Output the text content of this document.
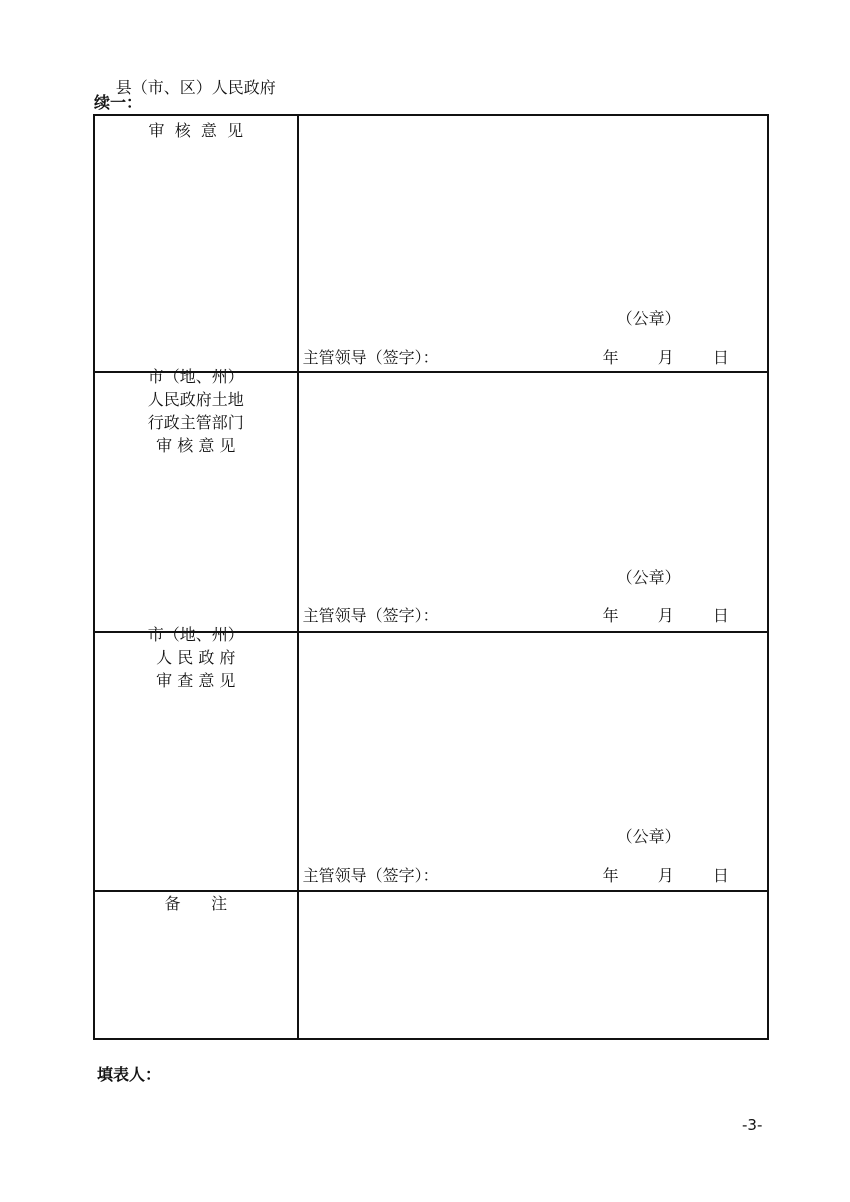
续一：
县（市、区）人民政府
审  核  意  见	（公章）
主管领导（签字）： 年 月 日

市（地、州）
人民政府土地
行政主管部门
审 核 意 见	（公章）
主管领导（签字）： 年 月 日

市（地、州）
人 民 政 府
审 查 意 见	（公章）
主管领导（签字）： 年 月 日

备      注	

填表人：
-3-
